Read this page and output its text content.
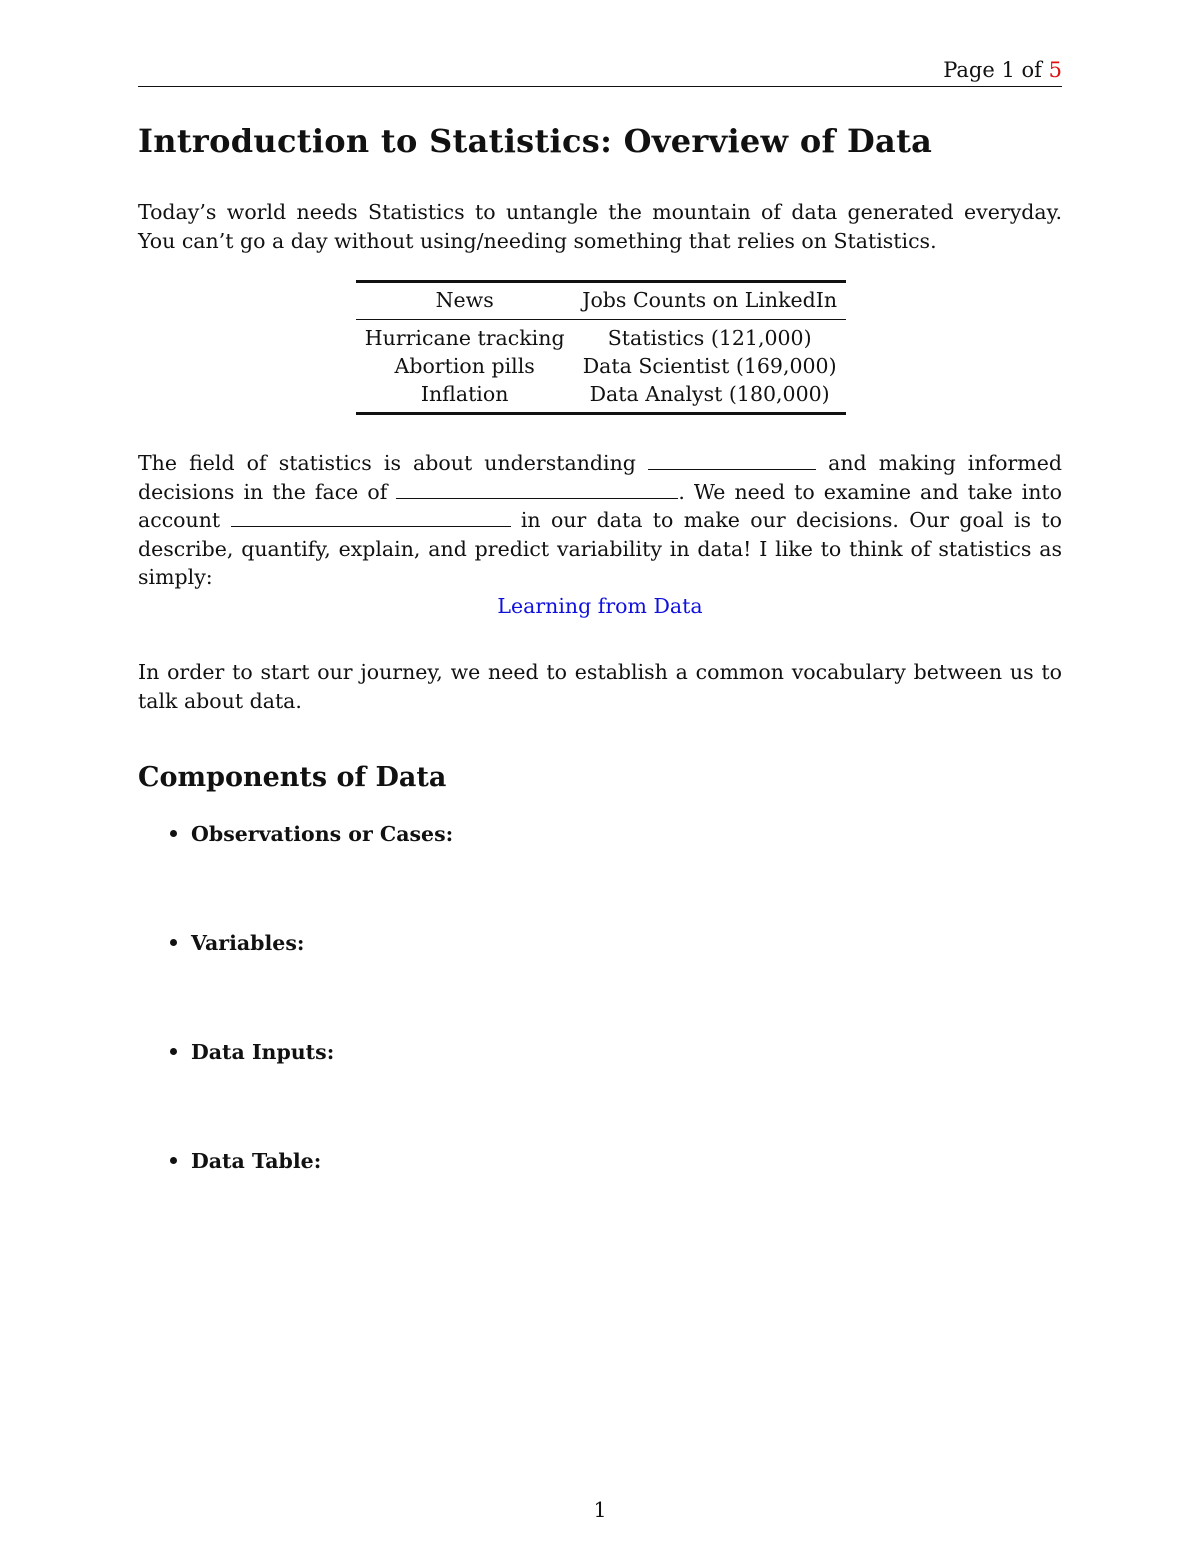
Page 1 of 5
Introduction to Statistics: Overview of Data

Today’s world needs Statistics to untangle the mountain of data generated everyday. You can’t go a day without using/needing something that relies on Statistics.

News	Jobs Counts on LinkedIn
Hurricane tracking	Statistics (121,000)
Abortion pills	Data Scientist (169,000)
Inflation	Data Analyst (180,000)

The field of statistics is about understanding	and making informed decisions in the face of	. We need to examine and take into account	in our data to make our decisions. Our goal is to describe, quantify, explain, and predict variability in data! I like to think of statistics as simply:

Learning from Data

In order to start our journey, we need to establish a common vocabulary between us to talk about data.

Components of Data
Observations or Cases:
Variables:
Data Inputs:
Data Table:
1
